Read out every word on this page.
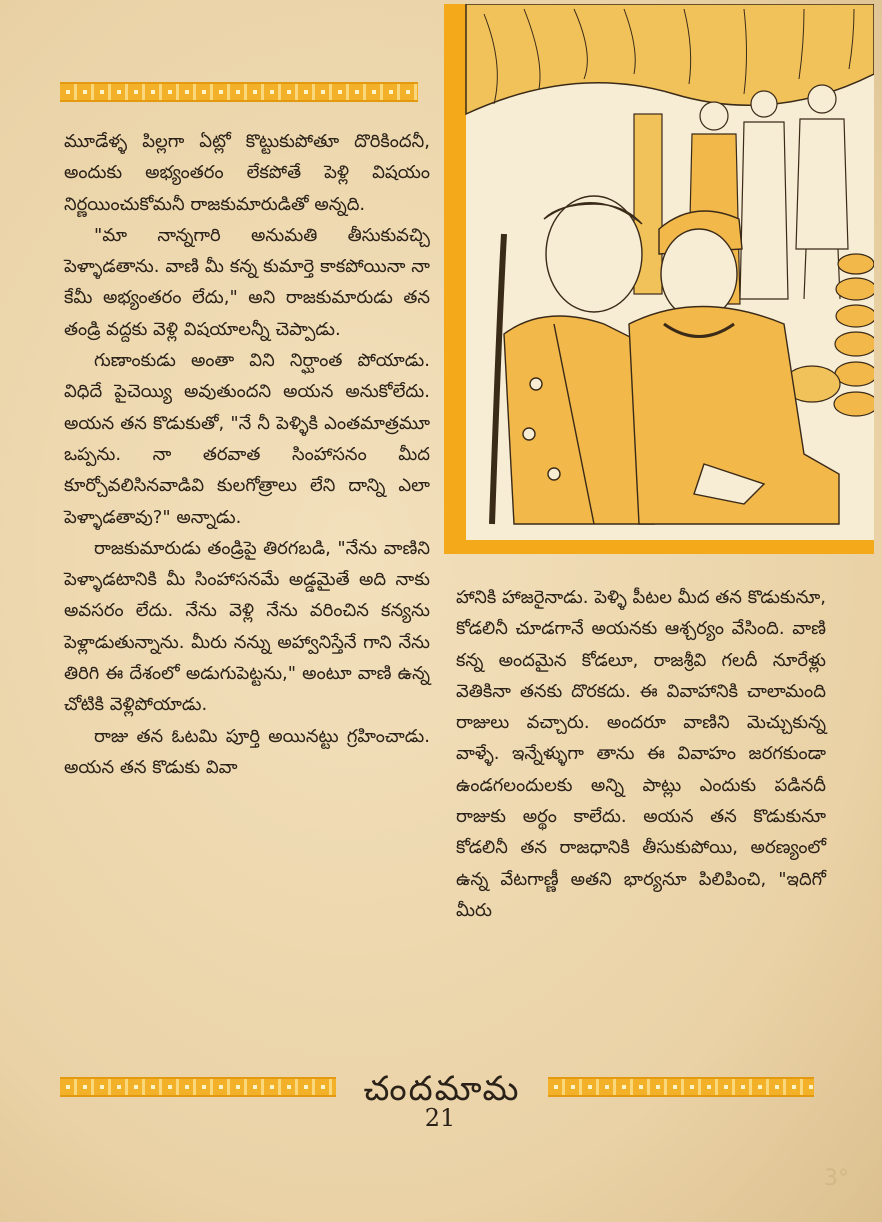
మూడేళ్ళ పిల్లగా ఏట్లో కొట్టుకుపోతూ దొరికిందనీ, అందుకు అభ్యంతరం లేకపోతే పెళ్లి విషయం నిర్ణయించుకోమనీ రాజకుమారుడితో అన్నది.

"మా నాన్నగారి అనుమతి తీసుకువచ్చి పెళ్ళాడతాను. వాణి మీ కన్న కుమార్తె కాకపోయినా నా కేమీ అభ్యంతరం లేదు," అని రాజకుమారుడు తన తండ్రి వద్దకు వెళ్లి విషయాలన్నీ చెప్పాడు.

గుణాంకుడు అంతా విని నిర్ఘాంత పోయాడు. విధిదే పైచెయ్యి అవుతుందని అయన అనుకోలేదు. అయన తన కొడుకుతో, "నే నీ పెళ్ళికి ఎంతమాత్రమూ ఒప్పను. నా తరవాత సింహాసనం మీద కూర్చోవలిసినవాడివి కులగోత్రాలు లేని దాన్ని ఎలా పెళ్ళాడతావు?" అన్నాడు.

రాజకుమారుడు తండ్రిపై తిరగబడి, "నేను వాణిని పెళ్ళాడటానికి మీ సింహాసనమే అడ్డమైతే అది నాకు అవసరం లేదు. నేను వెళ్లి నేను వరించిన కన్యను పెళ్లాడుతున్నాను. మీరు నన్ను అహ్వానిస్తేనే గాని నేను తిరిగి ఈ దేశంలో అడుగుపెట్టను," అంటూ వాణి ఉన్న చోటికి వెళ్లిపోయాడు.

రాజు తన ఓటమి పూర్తి అయినట్టు గ్రహించాడు. అయన తన కొడుకు వివా

హానికి హాజరైనాడు. పెళ్ళి పీటల మీద తన కొడుకునూ, కోడలినీ చూడగానే అయనకు ఆశ్చర్యం వేసింది. వాణి కన్న అందమైన కోడలూ, రాజశ్రీవి గలదీ నూరేళ్లు వెతికినా తనకు దొరకదు. ఈ వివాహానికి చాలామంది రాజులు వచ్చారు. అందరూ వాణిని మెచ్చుకున్న వాళ్ళే. ఇన్నేళ్ళుగా తాను ఈ వివాహం జరగకుండా ఉండగలందులకు అన్ని పాట్లు ఎందుకు పడినదీ రాజుకు అర్థం కాలేదు. అయన తన కొడుకునూ కోడలినీ తన రాజధానికి తీసుకుపోయి, అరణ్యంలో ఉన్న వేటగాణ్ణీ అతని భార్యనూ పిలిపించి, "ఇదిగో మీరు

చందమామ
21
3°
